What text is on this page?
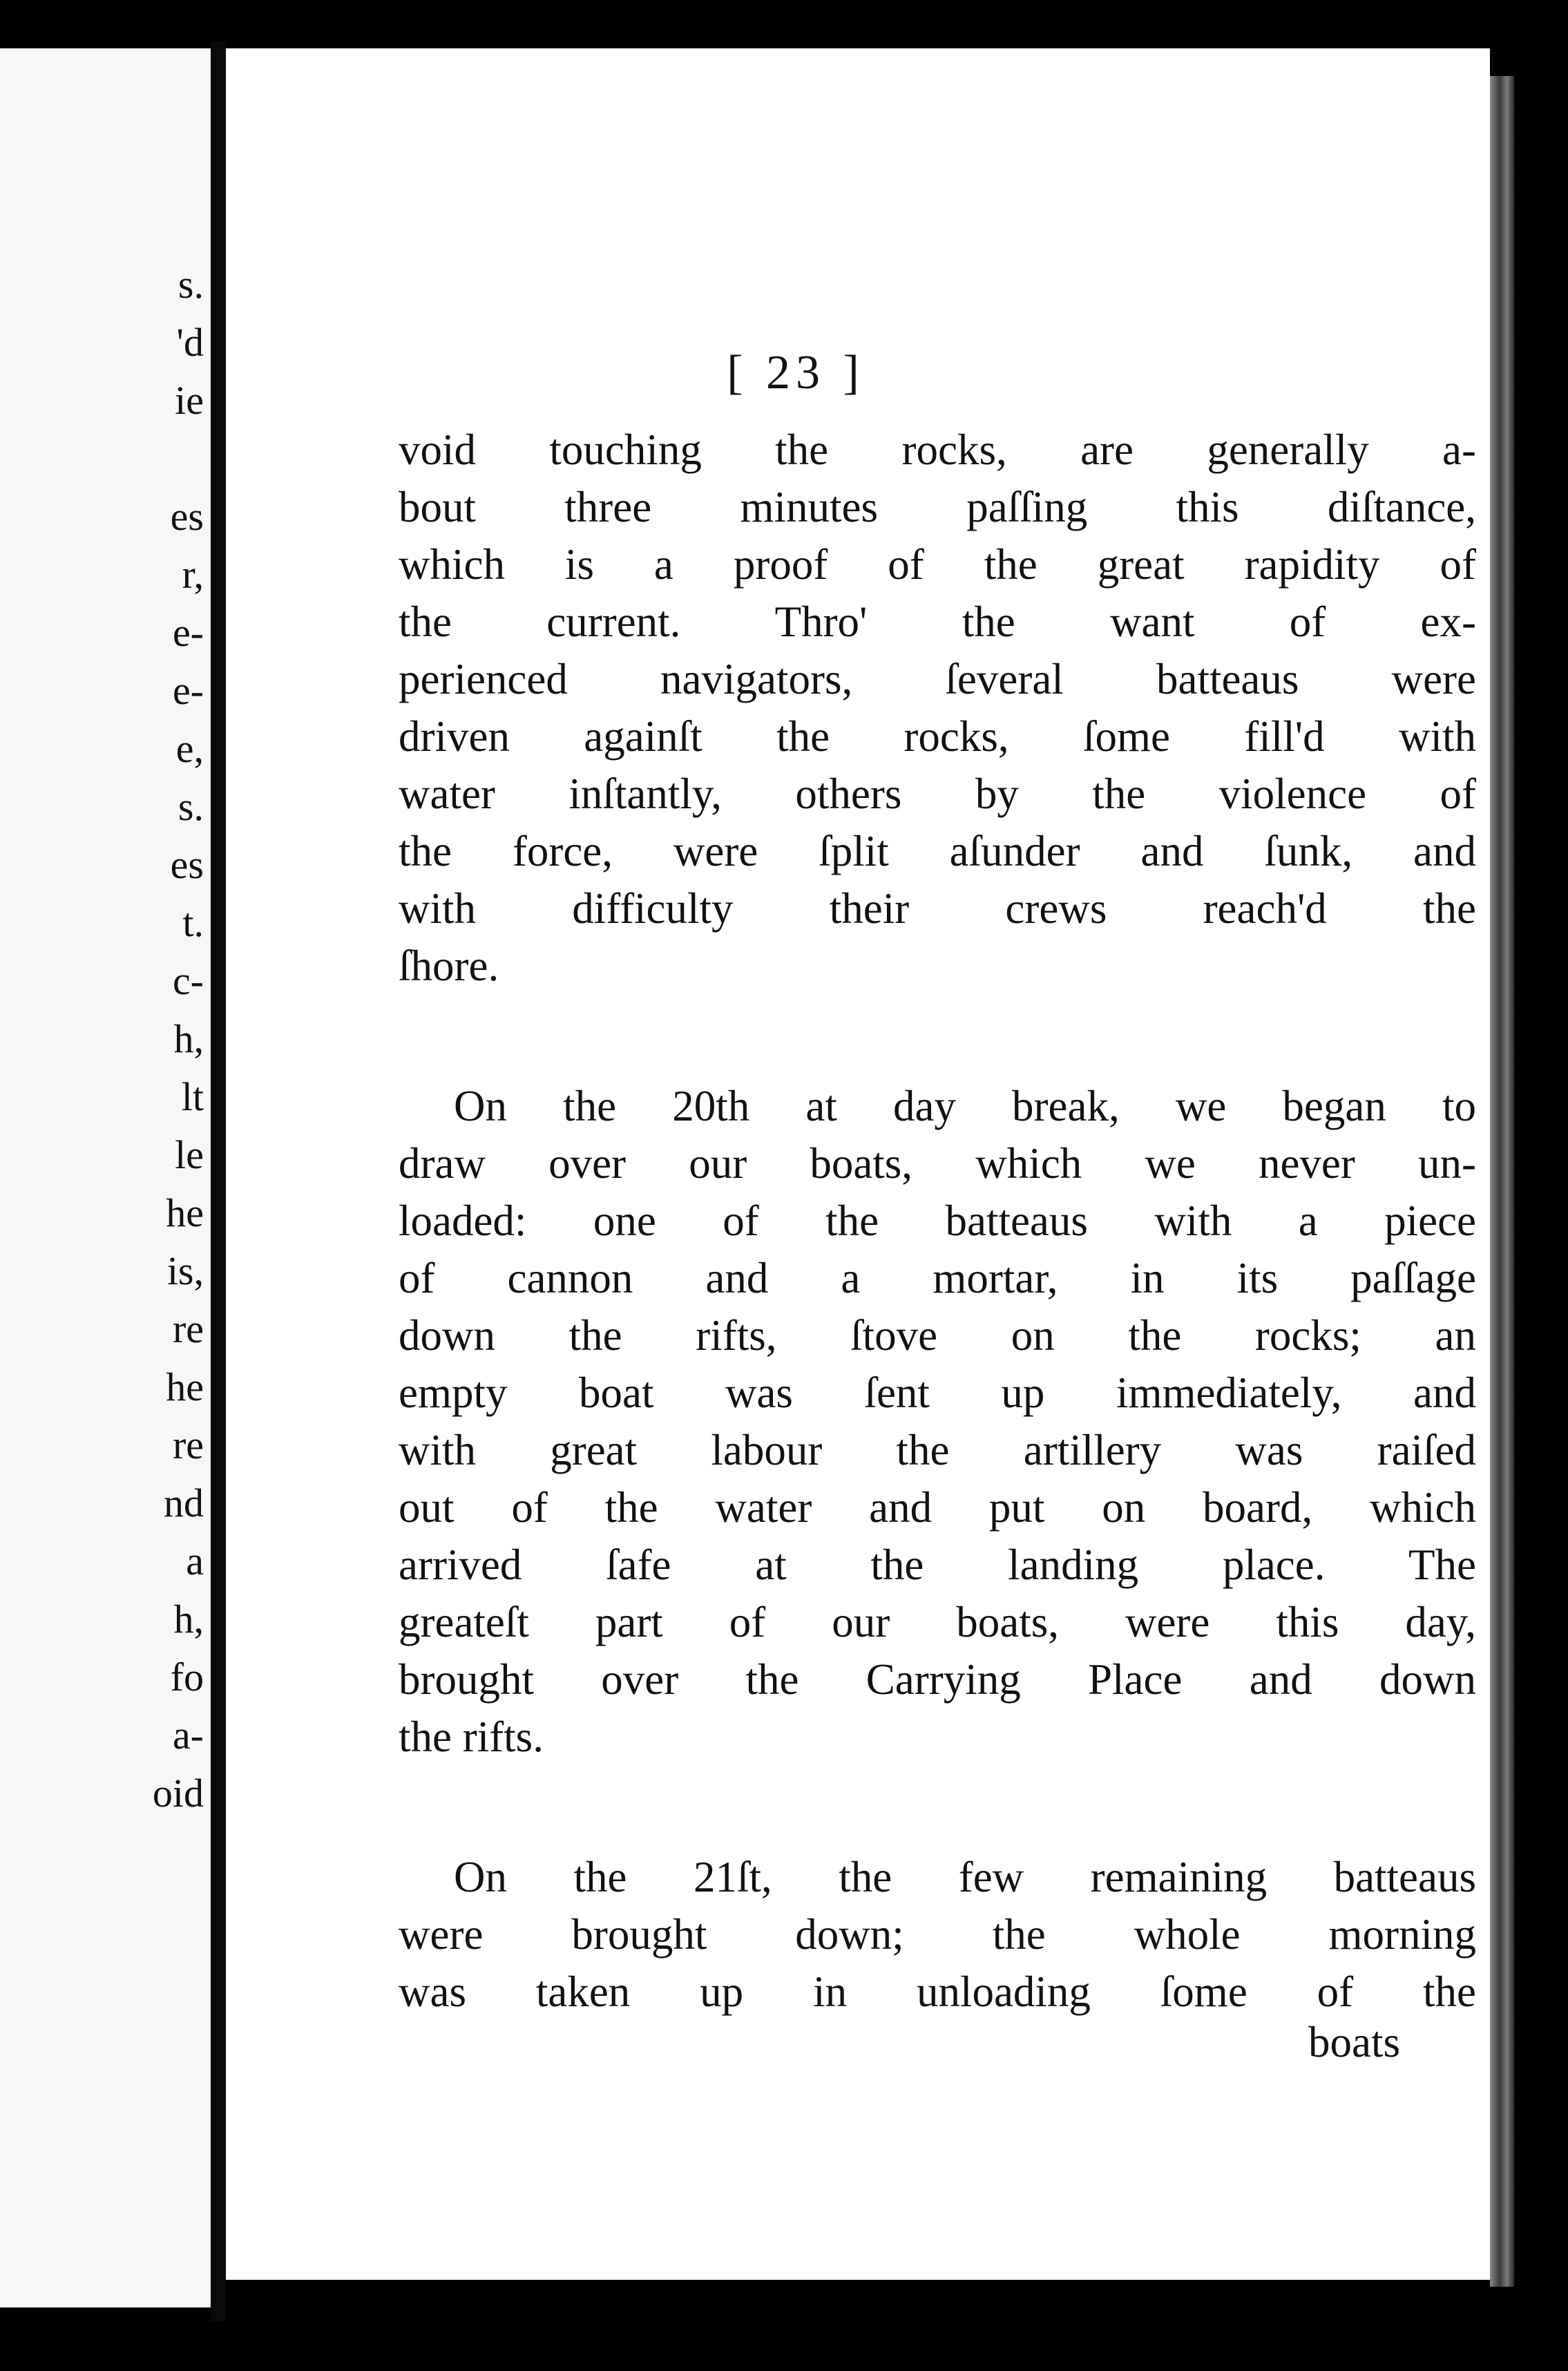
s.
'd
ie
es
r,
e-
e-
e,
s.
es
t.
c-
h,
lt
le
he
is,
re
he
re
nd
a
h,
fo
a-
oid
[ 23 ]

void touching the rocks, are generally a-
bout three minutes paſſing this diſtance,
which is a proof of the great rapidity of
the current. Thro' the want of ex-
perienced navigators, ſeveral batteaus were
driven againſt the rocks, ſome fill'd with
water inſtantly, others by the violence of
the force, were ſplit aſunder and ſunk, and
with difficulty their crews reach'd the
ſhore.

On the 20th at day break, we began to
draw over our boats, which we never un-
loaded: one of the batteaus with a piece
of cannon and a mortar, in its paſſage
down the rifts, ſtove on the rocks; an
empty boat was ſent up immediately, and
with great labour the artillery was raiſed
out of the water and put on board, which
arrived ſafe at the landing place. The
greateſt part of our boats, were this day,
brought over the Carrying Place and down
the rifts.

On the 21ſt, the few remaining batteaus
were brought down; the whole morning
was taken up in unloading ſome of the

boats
